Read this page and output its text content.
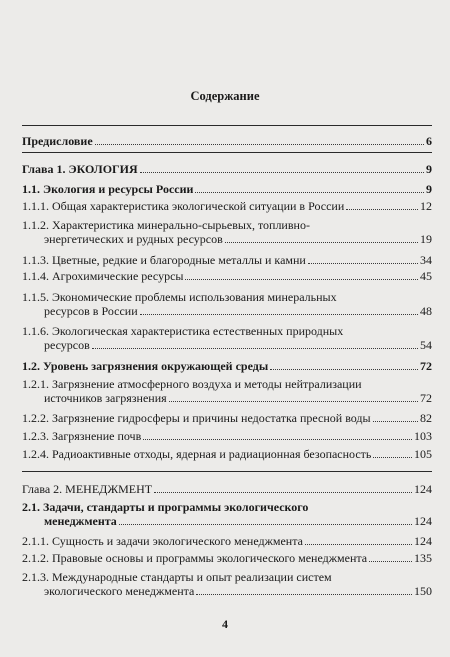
Содержание
Предисловие	6
Глава 1. ЭКОЛОГИЯ	9
1.1. Экология и ресурсы России	9
1.1.1. Общая характеристика экологической ситуации в России	12
1.1.2. Характеристика минерально-сырьевых, топливно-
энергетических и рудных ресурсов	19
1.1.3. Цветные, редкие и благородные металлы и камни	34
1.1.4. Агрохимические ресурсы	45
1.1.5. Экономические проблемы использования минеральных
ресурсов в России	48
1.1.6. Экологическая характеристика естественных природных
ресурсов	54
1.2. Уровень загрязнения окружающей среды	72
1.2.1. Загрязнение атмосферного воздуха и методы нейтрализации
источников загрязнения	72
1.2.2. Загрязнение гидросферы и причины недостатка пресной воды	82
1.2.3. Загрязнение почв	103
1.2.4. Радиоактивные отходы, ядерная и радиационная безопасность	105
Глава 2. МЕНЕДЖМЕНТ	124
2.1. Задачи, стандарты и программы экологического
менеджмента	124
2.1.1. Сущность и задачи экологического менеджмента	124
2.1.2. Правовые основы и программы экологического менеджмента	135
2.1.3. Международные стандарты и опыт реализации систем
экологического менеджмента	150
4
